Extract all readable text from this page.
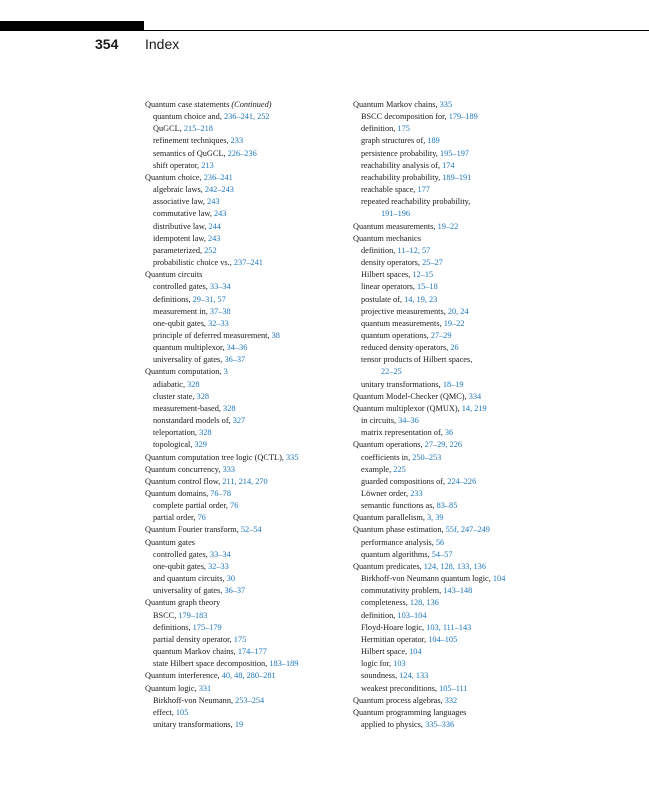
354 Index
Quantum case statements (Continued)
quantum choice and, 236–241, 252
QuGCL, 215–218
refinement techniques, 233
semantics of QuGCL, 226–236
shift operator, 213
Quantum choice, 236–241
algebraic laws, 242–243
associative law, 243
commutative law, 243
distributive law, 244
idempotent law, 243
parameterized, 252
probabilistic choice vs., 237–241
Quantum circuits
controlled gates, 33–34
definitions, 29–31, 57
measurement in, 37–38
one-qubit gates, 32–33
principle of deferred measurement, 38
quantum multiplexor, 34–36
universality of gates, 36–37
Quantum computation, 3
adiabatic, 328
cluster state, 328
measurement-based, 328
nonstandard models of, 327
teleportation, 328
topological, 329
Quantum computation tree logic (QCTL), 335
Quantum concurrency, 333
Quantum control flow, 211, 214, 270
Quantum domains, 76–78
complete partial order, 76
partial order, 76
Quantum Fourier transform, 52–54
Quantum gates
controlled gates, 33–34
one-qubit gates, 32–33
and quantum circuits, 30
universality of gates, 36–37
Quantum graph theory
BSCC, 179–183
definitions, 175–179
partial density operator, 175
quantum Markov chains, 174–177
state Hilbert space decomposition, 183–189
Quantum interference, 40, 48, 280–281
Quantum logic, 331
Birkhoff-von Neumann, 253–254
effect, 105
unitary transformations, 19
Quantum Markov chains, 335
BSCC decomposition for, 179–189
definition, 175
graph structures of, 189
persistence probability, 195–197
reachability analysis of, 174
reachability probability, 189–191
reachable space, 177
repeated reachability probability,
191–196
Quantum measurements, 19–22
Quantum mechanics
definition, 11–12, 57
density operators, 25–27
Hilbert spaces, 12–15
linear operators, 15–18
postulate of, 14, 19, 23
projective measurements, 20, 24
quantum measurements, 19–22
quantum operations, 27–29
reduced density operators, 26
tensor products of Hilbert spaces,
22–25
unitary transformations, 18–19
Quantum Model-Checker (QMC), 334
Quantum multiplexor (QMUX), 14, 219
in circuits, 34–36
matrix representation of, 36
Quantum operations, 27–29, 226
coefficients in, 250–253
example, 225
guarded compositions of, 224–226
Löwner order, 233
semantic functions as, 83–85
Quantum parallelism, 3, 39
Quantum phase estimation, 55f, 247–249
performance analysis, 56
quantum algorithms, 54–57
Quantum predicates, 124, 128, 133, 136
Birkhoff-von Neumann quantum logic, 104
commutativity problem, 143–148
completeness, 128, 136
definition, 103–104
Floyd-Hoare logic, 103, 111–143
Hermitian operator, 104–105
Hilbert space, 104
logic for, 103
soundness, 124, 133
weakest preconditions, 105–111
Quantum process algebras, 332
Quantum programming languages
applied to physics, 335–336
